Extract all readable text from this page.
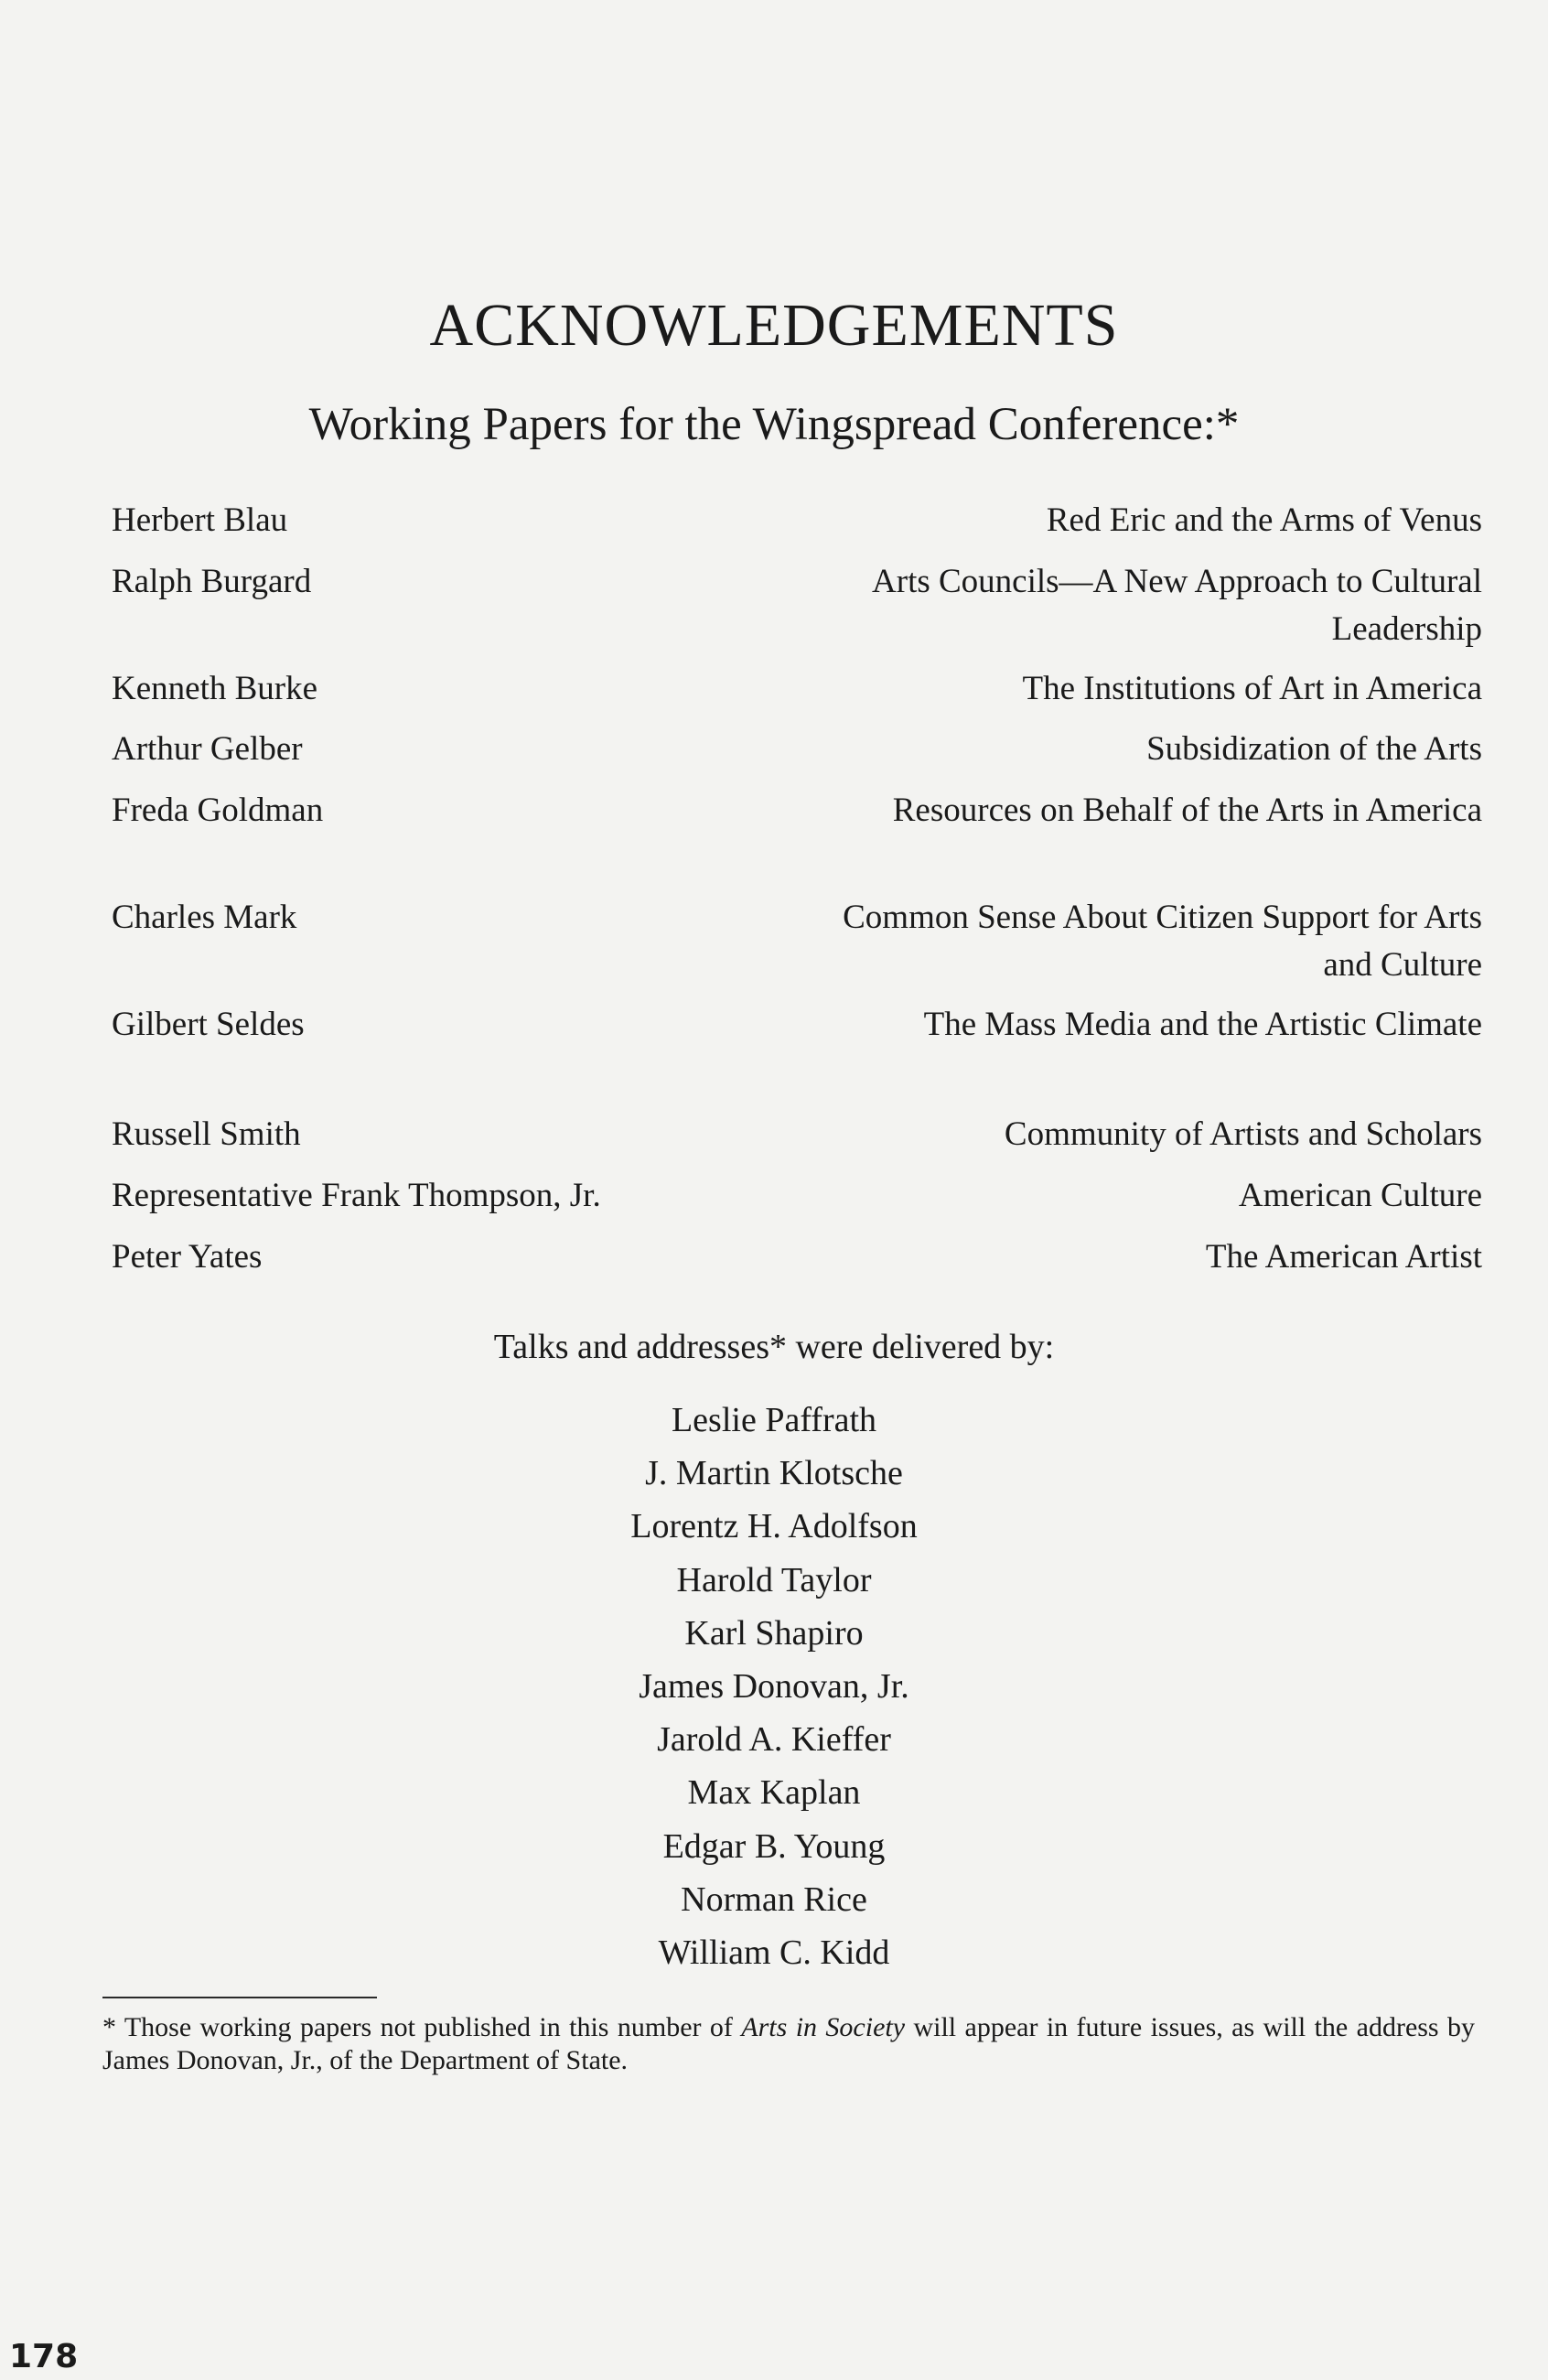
ACKNOWLEDGEMENTS
Working Papers for the Wingspread Conference:*
Herbert Blau	Red Eric and the Arms of Venus
Ralph Burgard	Arts Councils—A New Approach to Cultural Leadership
Kenneth Burke	The Institutions of Art in America
Arthur Gelber	Subsidization of the Arts
Freda Goldman	Resources on Behalf of the Arts in America
Charles Mark	Common Sense About Citizen Support for Arts and Culture
Gilbert Seldes	The Mass Media and the Artistic Climate
Russell Smith	Community of Artists and Scholars
Representative Frank Thompson, Jr.	American Culture
Peter Yates	The American Artist
Talks and addresses* were delivered by:
Leslie Paffrath
J. Martin Klotsche
Lorentz H. Adolfson
Harold Taylor
Karl Shapiro
James Donovan, Jr.
Jarold A. Kieffer
Max Kaplan
Edgar B. Young
Norman Rice
William C. Kidd

* Those working papers not published in this number of Arts in Society will appear in future issues, as will the address by James Donovan, Jr., of the Department of State.

178
